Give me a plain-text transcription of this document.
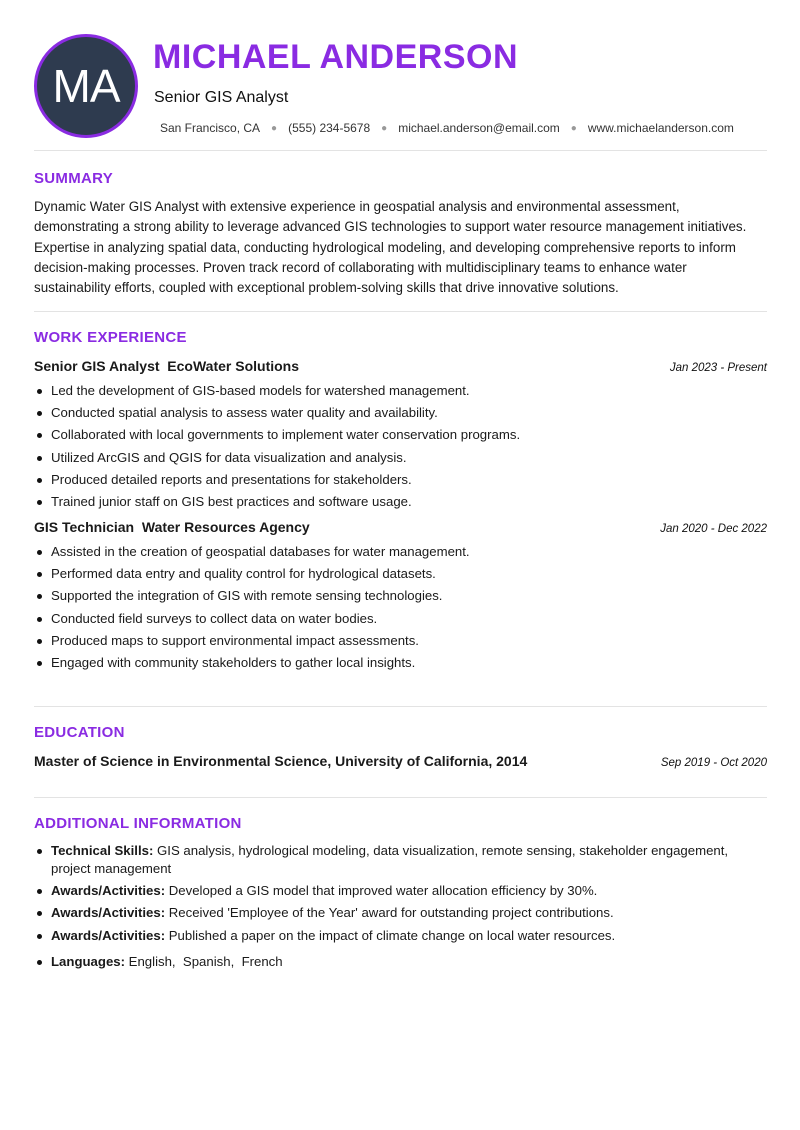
MA
MICHAEL ANDERSON
Senior GIS Analyst
San Francisco, CA ● (555) 234-5678 ● michael.anderson@email.com ● www.michaelanderson.com
SUMMARY

Dynamic Water GIS Analyst with extensive experience in geospatial analysis and environmental assessment, demonstrating a strong ability to leverage advanced GIS technologies to support water resource management initiatives. Expertise in analyzing spatial data, conducting hydrological modeling, and developing comprehensive reports to inform decision-making processes. Proven track record of collaborating with multidisciplinary teams to enhance water sustainability efforts, coupled with exceptional problem-solving skills that drive innovative solutions.

WORK EXPERIENCE
Senior GIS Analyst  EcoWater Solutions	Jan 2023 - Present
Led the development of GIS-based models for watershed management.
Conducted spatial analysis to assess water quality and availability.
Collaborated with local governments to implement water conservation programs.
Utilized ArcGIS and QGIS for data visualization and analysis.
Produced detailed reports and presentations for stakeholders.
Trained junior staff on GIS best practices and software usage.
GIS Technician  Water Resources Agency	Jan 2020 - Dec 2022
Assisted in the creation of geospatial databases for water management.
Performed data entry and quality control for hydrological datasets.
Supported the integration of GIS with remote sensing technologies.
Conducted field surveys to collect data on water bodies.
Produced maps to support environmental impact assessments.
Engaged with community stakeholders to gather local insights.
EDUCATION
Master of Science in Environmental Science, University of California, 2014	Sep 2019 - Oct 2020
ADDITIONAL INFORMATION
Technical Skills: GIS analysis, hydrological modeling, data visualization, remote sensing, stakeholder engagement, project management
Awards/Activities: Developed a GIS model that improved water allocation efficiency by 30%.
Awards/Activities: Received 'Employee of the Year' award for outstanding project contributions.
Awards/Activities: Published a paper on the impact of climate change on local water resources.
Languages: English,  Spanish,  French
